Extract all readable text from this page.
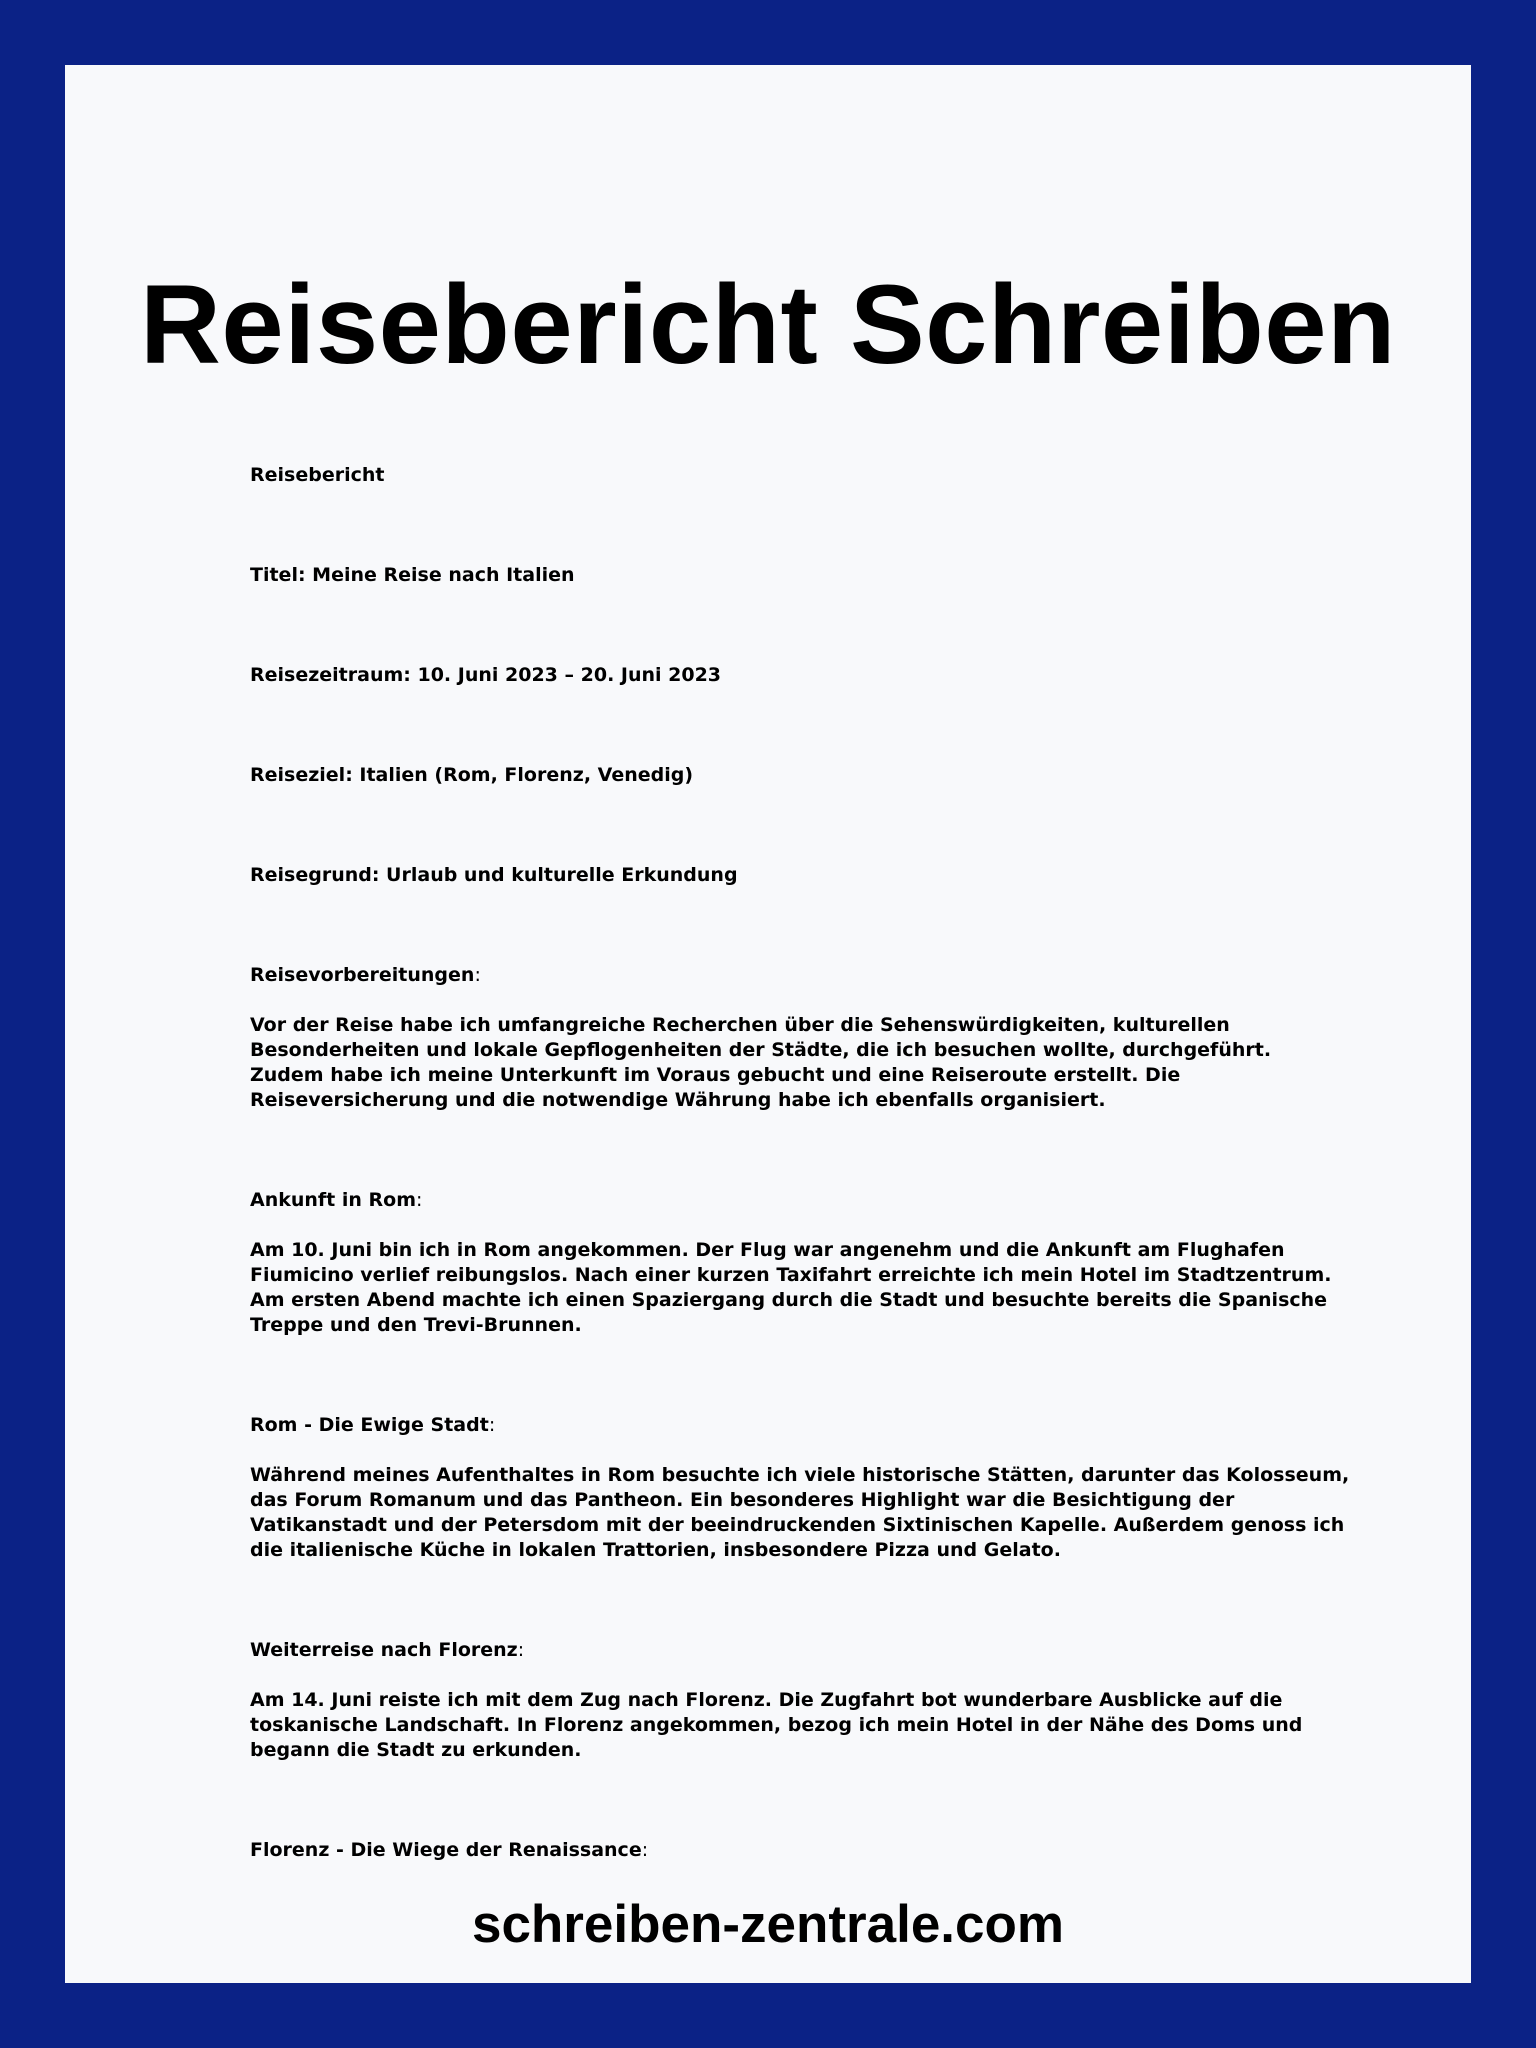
Reisebericht Schreiben

Reisebericht

Titel: Meine Reise nach Italien

Reisezeitraum: 10. Juni 2023 – 20. Juni 2023

Reiseziel: Italien (Rom, Florenz, Venedig)

Reisegrund: Urlaub und kulturelle Erkundung

Reisevorbereitungen:

Vor der Reise habe ich umfangreiche Recherchen über die Sehenswürdigkeiten, kulturellen Besonderheiten und lokale Gepflogenheiten der Städte, die ich besuchen wollte, durchgeführt. Zudem habe ich meine Unterkunft im Voraus gebucht und eine Reiseroute erstellt. Die Reiseversicherung und die notwendige Währung habe ich ebenfalls organisiert.

Ankunft in Rom:

Am 10. Juni bin ich in Rom angekommen. Der Flug war angenehm und die Ankunft am Flughafen Fiumicino verlief reibungslos. Nach einer kurzen Taxifahrt erreichte ich mein Hotel im Stadtzentrum. Am ersten Abend machte ich einen Spaziergang durch die Stadt und besuchte bereits die Spanische Treppe und den Trevi-Brunnen.

Rom - Die Ewige Stadt:

Während meines Aufenthaltes in Rom besuchte ich viele historische Stätten, darunter das Kolosseum, das Forum Romanum und das Pantheon. Ein besonderes Highlight war die Besichtigung der Vatikanstadt und der Petersdom mit der beeindruckenden Sixtinischen Kapelle. Außerdem genoss ich die italienische Küche in lokalen Trattorien, insbesondere Pizza und Gelato.

Weiterreise nach Florenz:

Am 14. Juni reiste ich mit dem Zug nach Florenz. Die Zugfahrt bot wunderbare Ausblicke auf die toskanische Landschaft. In Florenz angekommen, bezog ich mein Hotel in der Nähe des Doms und begann die Stadt zu erkunden.

Florenz - Die Wiege der Renaissance:

schreiben-zentrale.com
